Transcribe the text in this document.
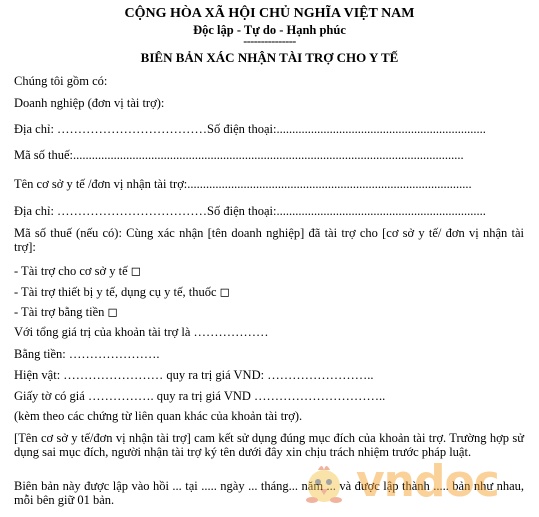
CỘNG HÒA XÃ HỘI CHỦ NGHĨA VIỆT NAM
Độc lập - Tự do - Hạnh phúc
---------------
BIÊN BẢN XÁC NHẬN TÀI TRỢ CHO Y TẾ
Chúng tôi gồm có:
Doanh nghiệp (đơn vị tài trợ):
Địa chỉ: ………………………………Số điện thoại:...................................................................
Mã số thuế:.............................................................................................................................
Tên cơ sở y tế /đơn vị nhận tài trợ:...........................................................................................
Địa chỉ: ………………………………Số điện thoại:...................................................................
Mã số thuế (nếu có): Cùng xác nhận [tên doanh nghiệp] đã tài trợ cho [cơ sở y tế/ đơn vị nhận tài trợ]:
- Tài trợ cho cơ sở y tế ◻
- Tài trợ thiết bị y tế, dụng cụ y tế, thuốc ◻
- Tài trợ bằng tiền ◻
Với tổng giá trị của khoản tài trợ là ………………
Bằng tiền: ………………….
Hiện vật: …………………… quy ra trị giá VND: ……………………..
Giấy tờ có giá ……………. quy ra trị giá VND …………………………..
(kèm theo các chứng từ liên quan khác của khoản tài trợ).
[Tên cơ sở y tế/đơn vị nhận tài trợ] cam kết sử dụng đúng mục đích của khoản tài trợ. Trường hợp sử dụng sai mục đích, người nhận tài trợ ký tên dưới đây xin chịu trách nhiệm trước pháp luật.
Biên bản này được lập vào hồi ... tại ..... ngày ... tháng... năm ... và được lập thành ..... bản như nhau, mỗi bên giữ 01 bản.	vndoc
